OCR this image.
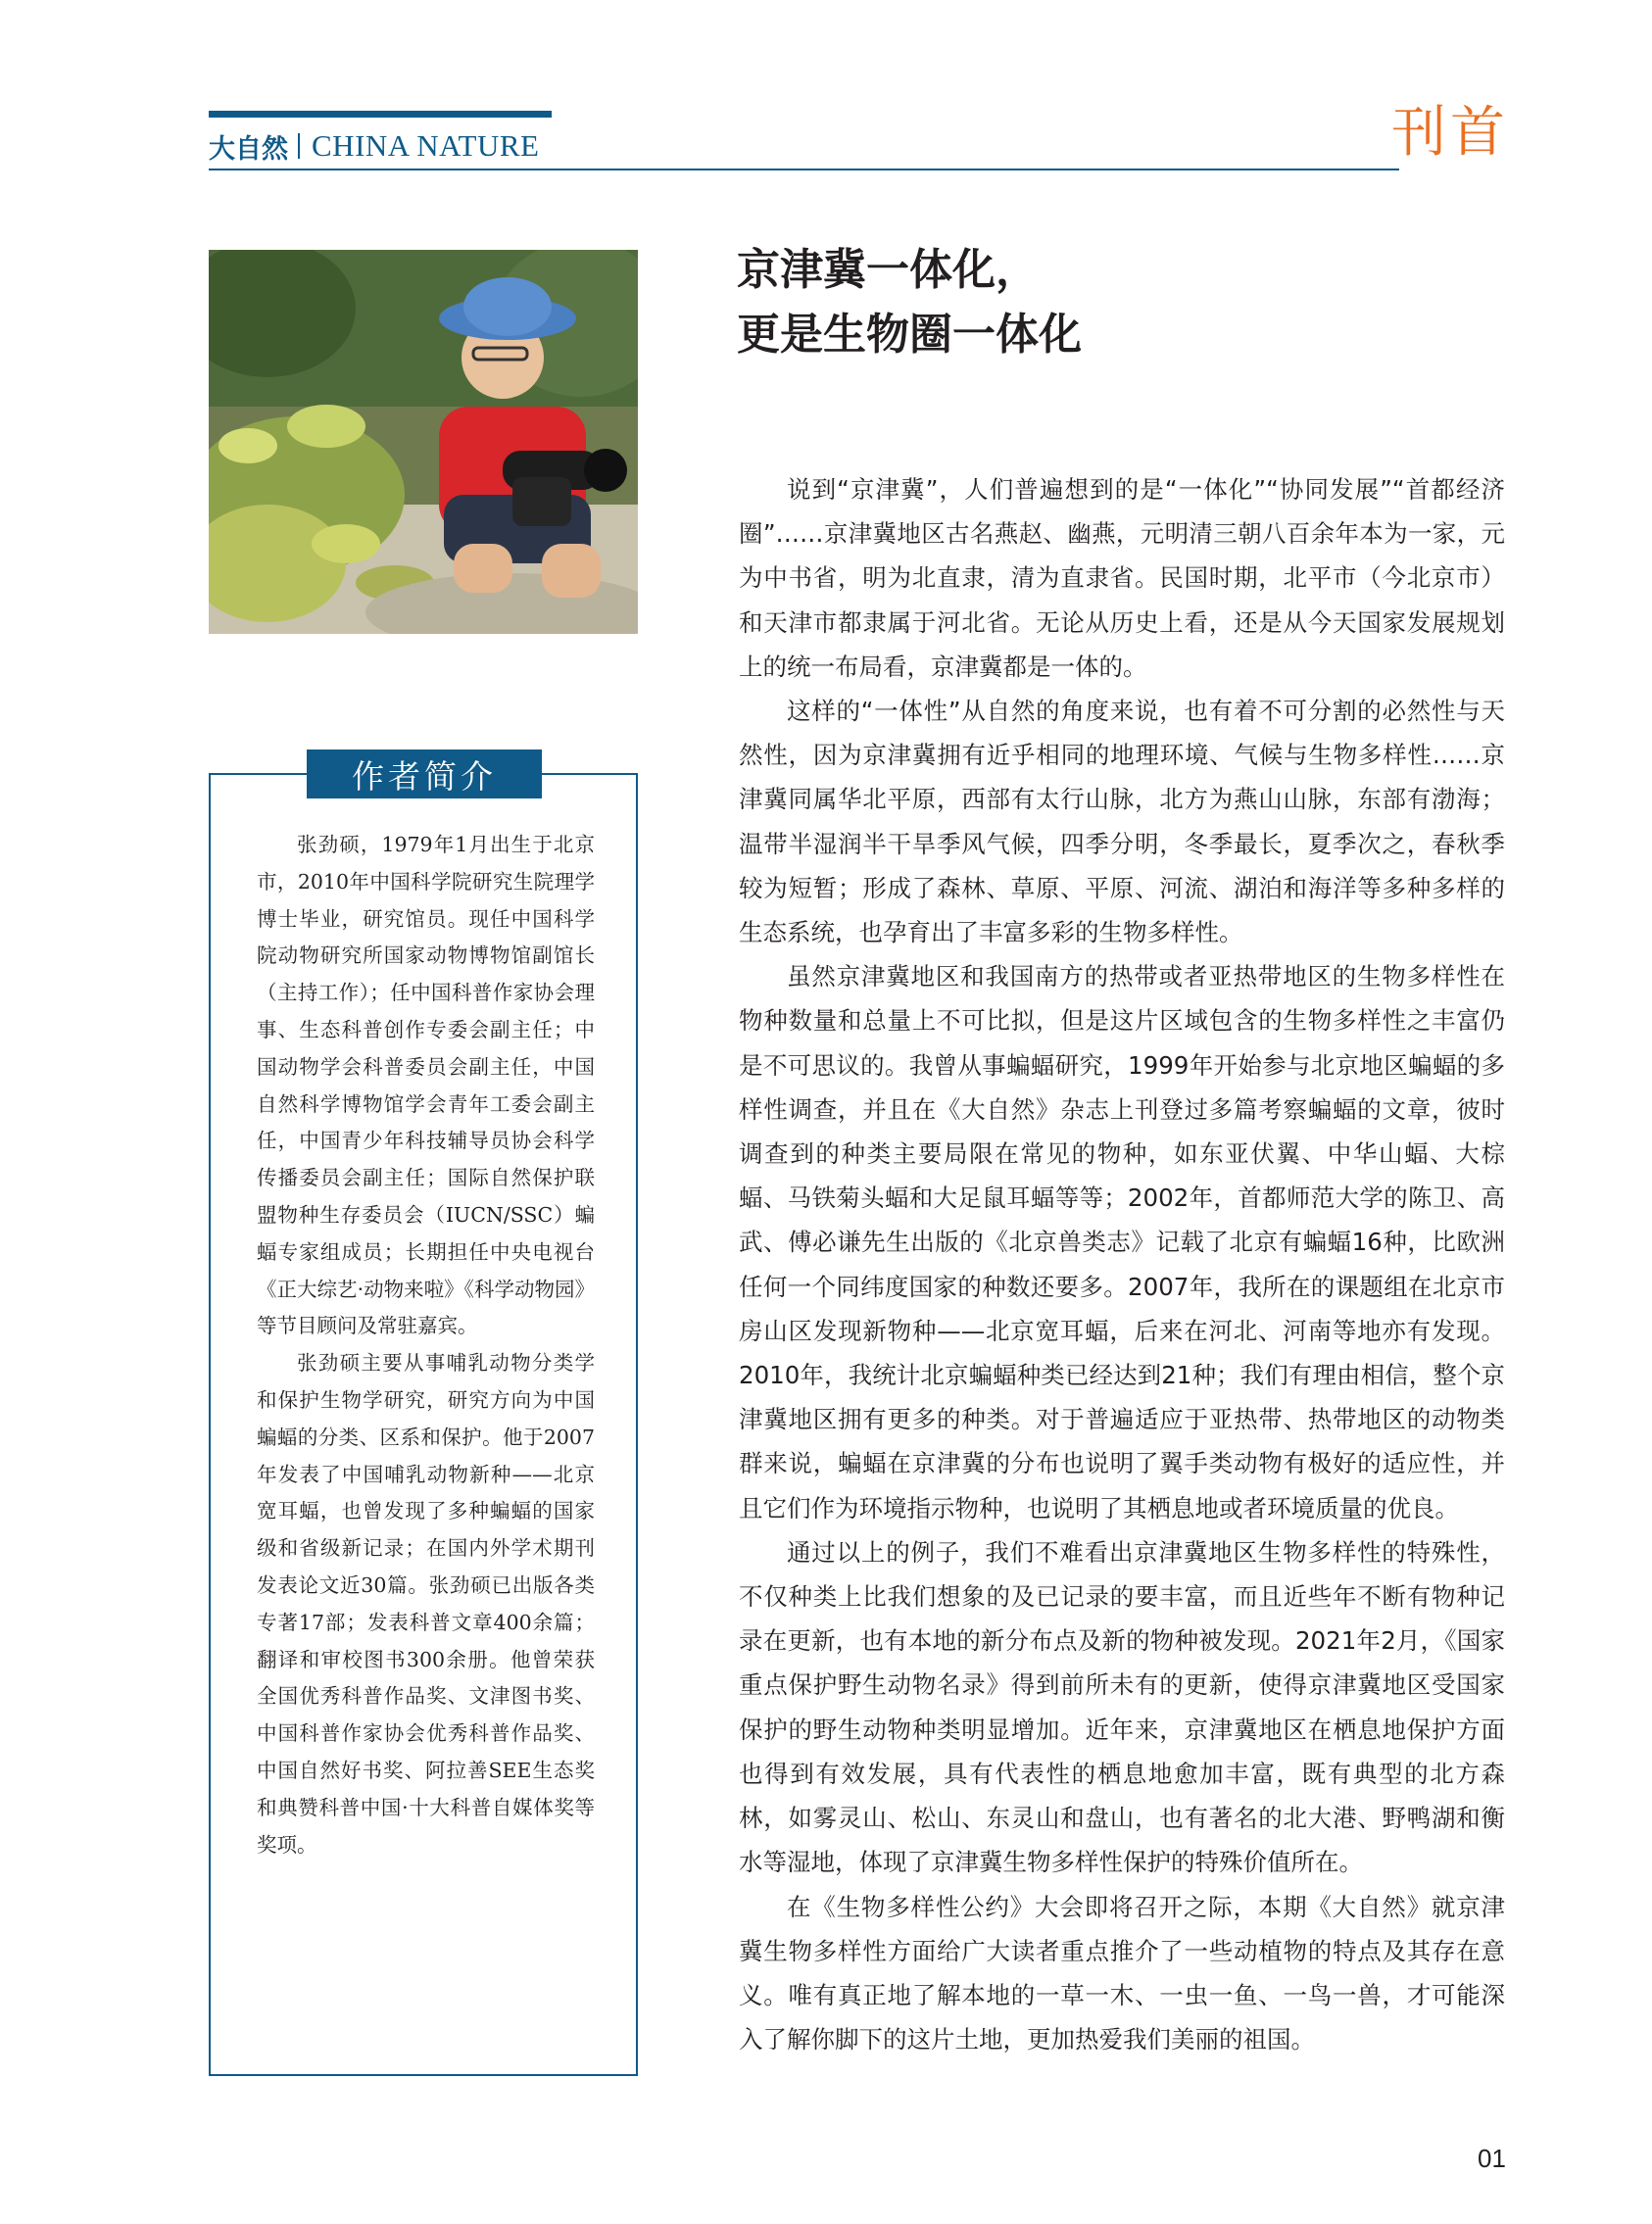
大自然 CHINA NATURE	刊首
作者简介

张劲硕，1979年1月出生于北京市，2010年中国科学院研究生院理学博士毕业，研究馆员。现任中国科学院动物研究所国家动物博物馆副馆长（主持工作）；任中国科普作家协会理事、生态科普创作专委会副主任；中国动物学会科普委员会副主任，中国自然科学博物馆学会青年工委会副主任，中国青少年科技辅导员协会科学传播委员会副主任；国际自然保护联盟物种生存委员会（IUCN/SSC）蝙蝠专家组成员；长期担任中央电视台《正大综艺·动物来啦》《科学动物园》等节目顾问及常驻嘉宾。

张劲硕主要从事哺乳动物分类学和保护生物学研究，研究方向为中国蝙蝠的分类、区系和保护。他于2007年发表了中国哺乳动物新种——北京宽耳蝠，也曾发现了多种蝙蝠的国家级和省级新记录；在国内外学术期刊发表论文近30篇。张劲硕已出版各类专著17部；发表科普文章400余篇；翻译和审校图书300余册。他曾荣获全国优秀科普作品奖、文津图书奖、中国科普作家协会优秀科普作品奖、中国自然好书奖、阿拉善SEE生态奖和典赞科普中国·十大科普自媒体奖等奖项。

京津冀一体化，
更是生物圈一体化

说到“京津冀”，人们普遍想到的是“一体化”“协同发展”“首都经济圈”……京津冀地区古名燕赵、幽燕，元明清三朝八百余年本为一家，元为中书省，明为北直隶，清为直隶省。民国时期，北平市（今北京市）和天津市都隶属于河北省。无论从历史上看，还是从今天国家发展规划上的统一布局看，京津冀都是一体的。

这样的“一体性”从自然的角度来说，也有着不可分割的必然性与天然性，因为京津冀拥有近乎相同的地理环境、气候与生物多样性……京津冀同属华北平原，西部有太行山脉，北方为燕山山脉，东部有渤海；温带半湿润半干旱季风气候，四季分明，冬季最长，夏季次之，春秋季较为短暂；形成了森林、草原、平原、河流、湖泊和海洋等多种多样的生态系统，也孕育出了丰富多彩的生物多样性。

虽然京津冀地区和我国南方的热带或者亚热带地区的生物多样性在物种数量和总量上不可比拟，但是这片区域包含的生物多样性之丰富仍是不可思议的。我曾从事蝙蝠研究，1999年开始参与北京地区蝙蝠的多样性调查，并且在《大自然》杂志上刊登过多篇考察蝙蝠的文章，彼时调查到的种类主要局限在常见的物种，如东亚伏翼、中华山蝠、大棕蝠、马铁菊头蝠和大足鼠耳蝠等等；2002年，首都师范大学的陈卫、高武、傅必谦先生出版的《北京兽类志》记载了北京有蝙蝠16种，比欧洲任何一个同纬度国家的种数还要多。2007年，我所在的课题组在北京市房山区发现新物种——北京宽耳蝠，后来在河北、河南等地亦有发现。2010年，我统计北京蝙蝠种类已经达到21种；我们有理由相信，整个京津冀地区拥有更多的种类。对于普遍适应于亚热带、热带地区的动物类群来说，蝙蝠在京津冀的分布也说明了翼手类动物有极好的适应性，并且它们作为环境指示物种，也说明了其栖息地或者环境质量的优良。

通过以上的例子，我们不难看出京津冀地区生物多样性的特殊性，不仅种类上比我们想象的及已记录的要丰富，而且近些年不断有物种记录在更新，也有本地的新分布点及新的物种被发现。2021年2月，《国家重点保护野生动物名录》得到前所未有的更新，使得京津冀地区受国家保护的野生动物种类明显增加。近年来，京津冀地区在栖息地保护方面也得到有效发展，具有代表性的栖息地愈加丰富，既有典型的北方森林，如雾灵山、松山、东灵山和盘山，也有著名的北大港、野鸭湖和衡水等湿地，体现了京津冀生物多样性保护的特殊价值所在。

在《生物多样性公约》大会即将召开之际，本期《大自然》就京津冀生物多样性方面给广大读者重点推介了一些动植物的特点及其存在意义。唯有真正地了解本地的一草一木、一虫一鱼、一鸟一兽，才可能深入了解你脚下的这片土地，更加热爱我们美丽的祖国。

01
